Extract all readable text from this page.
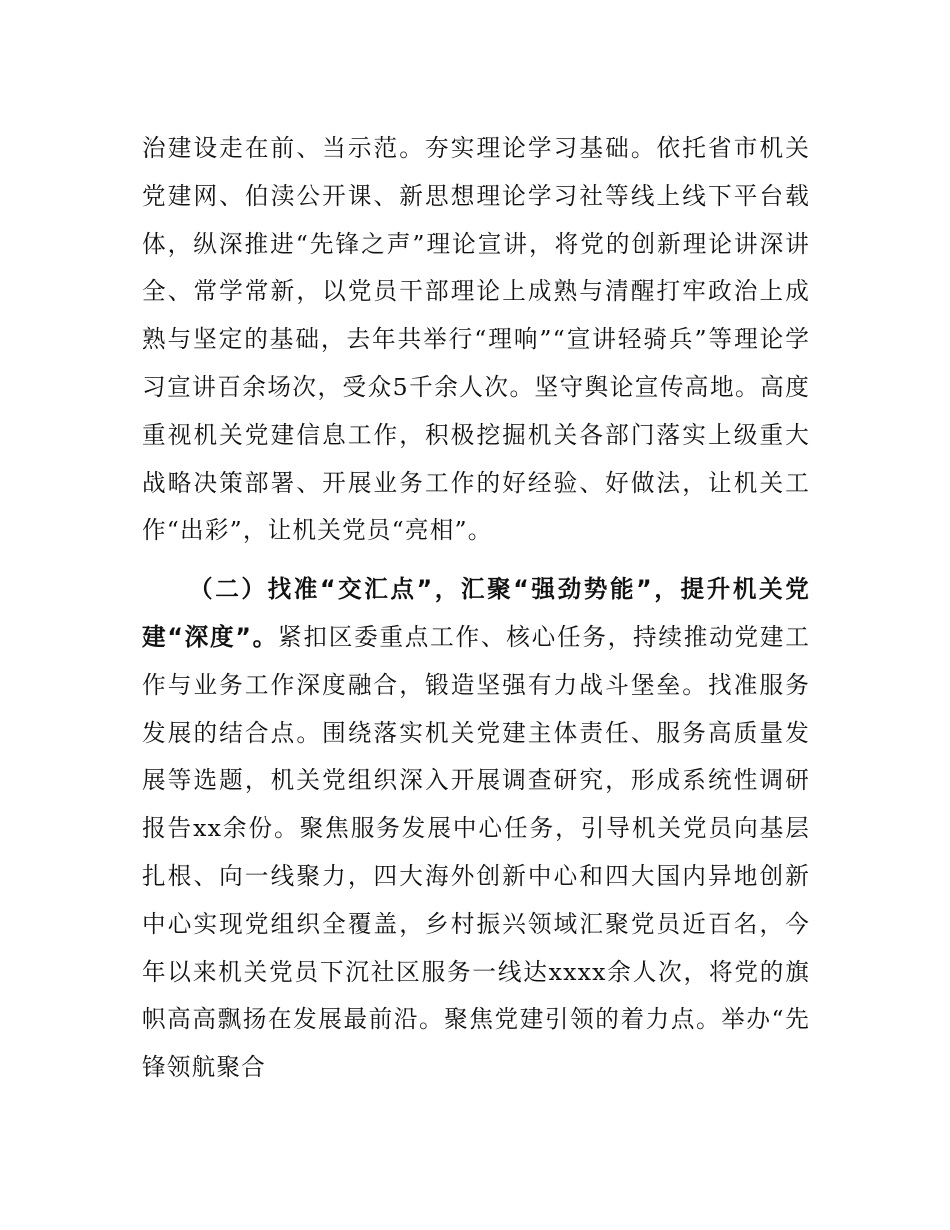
治建设走在前、当示范。夯实理论学习基础。依托省市机关党建网、伯渎公开课、新思想理论学习社等线上线下平台载体，纵深推进“先锋之声”理论宣讲，将党的创新理论讲深讲全、常学常新，以党员干部理论上成熟与清醒打牢政治上成熟与坚定的基础，去年共举行“理响”“宣讲轻骑兵”等理论学习宣讲百余场次，受众5千余人次。坚守舆论宣传高地。高度重视机关党建信息工作，积极挖掘机关各部门落实上级重大战略决策部署、开展业务工作的好经验、好做法，让机关工作“出彩”，让机关党员“亮相”。

（二）找准“交汇点”，汇聚“强劲势能”，提升机关党建“深度”。紧扣区委重点工作、核心任务，持续推动党建工作与业务工作深度融合，锻造坚强有力战斗堡垒。找准服务发展的结合点。围绕落实机关党建主体责任、服务高质量发展等选题，机关党组织深入开展调查研究，形成系统性调研报告xx余份。聚焦服务发展中心任务，引导机关党员向基层扎根、向一线聚力，四大海外创新中心和四大国内异地创新中心实现党组织全覆盖，乡村振兴领域汇聚党员近百名，今年以来机关党员下沉社区服务一线达xxxx余人次，将党的旗帜高高飘扬在发展最前沿。聚焦党建引领的着力点。举办“先锋领航聚合
